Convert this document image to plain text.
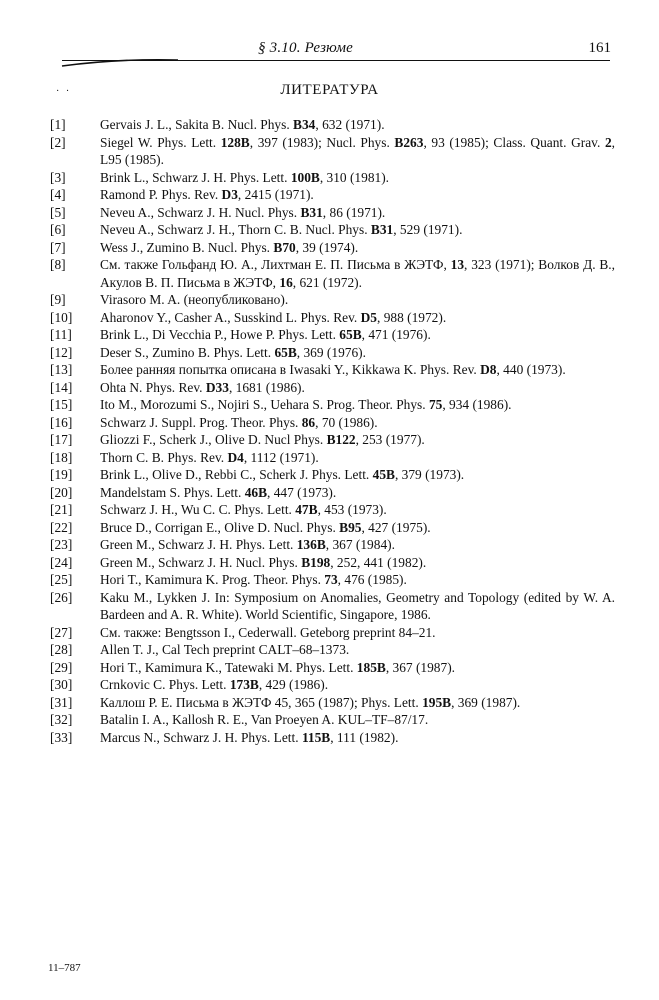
§ 3.10. Резюме	161
· ·	ЛИТЕРАТУРА
[1]	Gervais J. L., Sakita B. Nucl. Phys. B34, 632 (1971).
[2]	Siegel W. Phys. Lett. 128B, 397 (1983); Nucl. Phys. B263, 93 (1985); Class. Quant. Grav. 2, L95 (1985).
[3]	Brink L., Schwarz J. H. Phys. Lett. 100B, 310 (1981).
[4]	Ramond P. Phys. Rev. D3, 2415 (1971).
[5]	Neveu A., Schwarz J. H. Nucl. Phys. B31, 86 (1971).
[6]	Neveu A., Schwarz J. H., Thorn C. B. Nucl. Phys. B31, 529 (1971).
[7]	Wess J., Zumino B. Nucl. Phys. B70, 39 (1974).
[8]	См. также Гольфанд Ю. А., Лихтман Е. П. Письма в ЖЭТФ, 13, 323 (1971); Волков Д. В., Акулов В. П. Письма в ЖЭТФ, 16, 621 (1972).
[9]	Virasoro M. A. (неопубликовано).
[10]	Aharonov Y., Casher A., Susskind L. Phys. Rev. D5, 988 (1972).
[11]	Brink L., Di Vecchia P., Howe P. Phys. Lett. 65B, 471 (1976).
[12]	Deser S., Zumino B. Phys. Lett. 65B, 369 (1976).
[13]	Более ранняя попытка описана в Iwasaki Y., Kikkawa K. Phys. Rev. D8, 440 (1973).
[14]	Ohta N. Phys. Rev. D33, 1681 (1986).
[15]	Ito M., Morozumi S., Nojiri S., Uehara S. Prog. Theor. Phys. 75, 934 (1986).
[16]	Schwarz J. Suppl. Prog. Theor. Phys. 86, 70 (1986).
[17]	Gliozzi F., Scherk J., Olive D. Nucl Phys. B122, 253 (1977).
[18]	Thorn C. B. Phys. Rev. D4, 1112 (1971).
[19]	Brink L., Olive D., Rebbi C., Scherk J. Phys. Lett. 45B, 379 (1973).
[20]	Mandelstam S. Phys. Lett. 46B, 447 (1973).
[21]	Schwarz J. H., Wu C. C. Phys. Lett. 47B, 453 (1973).
[22]	Bruce D., Corrigan E., Olive D. Nucl. Phys. B95, 427 (1975).
[23]	Green M., Schwarz J. H. Phys. Lett. 136B, 367 (1984).
[24]	Green M., Schwarz J. H. Nucl. Phys. B198, 252, 441 (1982).
[25]	Hori T., Kamimura K. Prog. Theor. Phys. 73, 476 (1985).
[26]	Kaku M., Lykken J. In: Symposium on Anomalies, Geometry and Topology (edited by W. A. Bardeen and A. R. White). World Scientific, Singapore, 1986.
[27]	См. также: Bengtsson I., Cederwall. Geteborg preprint 84–21.
[28]	Allen T. J., Cal Tech preprint CALT–68–1373.
[29]	Hori T., Kamimura K., Tatewaki M. Phys. Lett. 185B, 367 (1987).
[30]	Crnkovic C. Phys. Lett. 173B, 429 (1986).
[31]	Каллош Р. Е. Письма в ЖЭТФ 45, 365 (1987); Phys. Lett. 195B, 369 (1987).
[32]	Batalin I. A., Kallosh R. E., Van Proeyen A. KUL–TF–87/17.
[33]	Marcus N., Schwarz J. H. Phys. Lett. 115B, 111 (1982).
11–787
